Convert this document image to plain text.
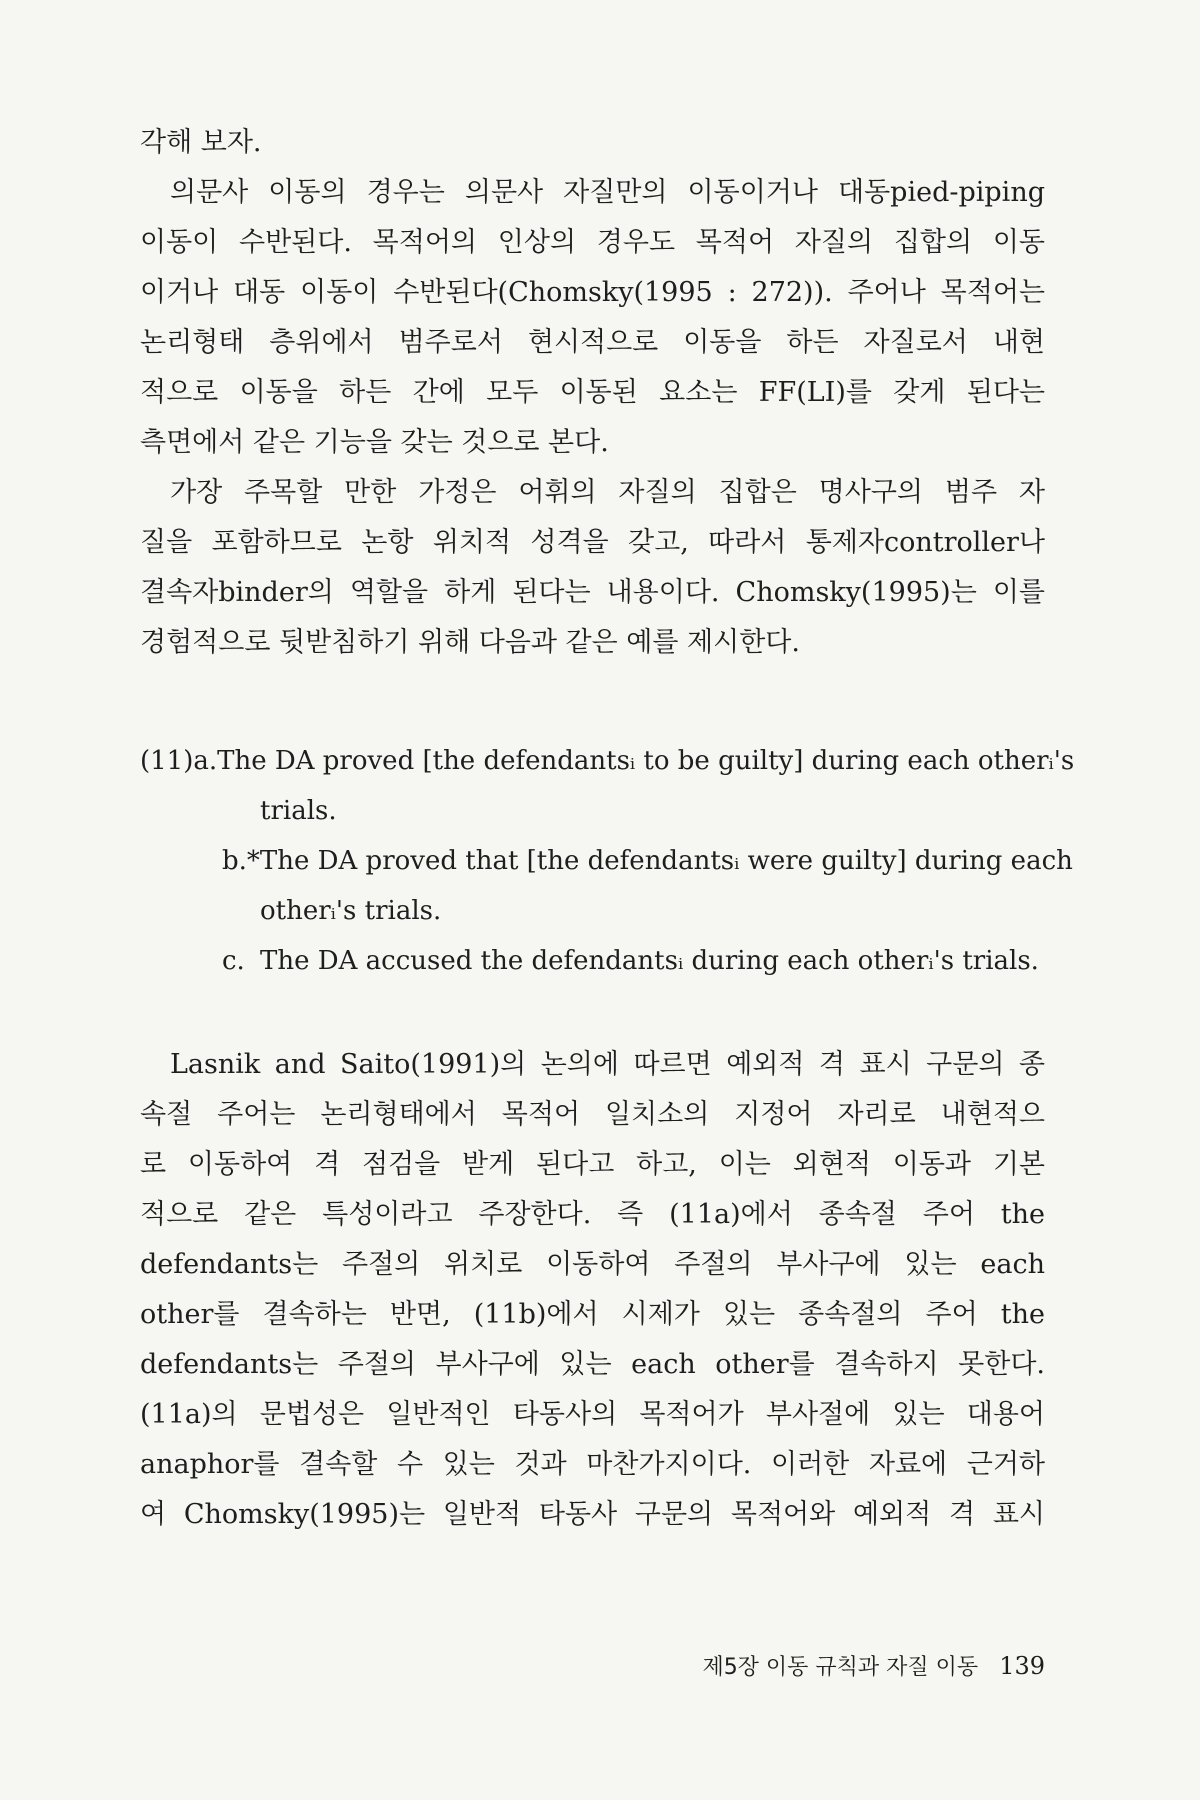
각해 보자.
의문사 이동의 경우는 의문사 자질만의 이동이거나 대동pied-piping
이동이 수반된다. 목적어의 인상의 경우도 목적어 자질의 집합의 이동
이거나 대동 이동이 수반된다(Chomsky(1995 : 272)). 주어나 목적어는
논리형태 층위에서 범주로서 현시적으로 이동을 하든 자질로서 내현
적으로 이동을 하든 간에 모두 이동된 요소는 FF(LI)를 갖게 된다는
측면에서 같은 기능을 갖는 것으로 본다.
가장 주목할 만한 가정은 어휘의 자질의 집합은 명사구의 범주 자
질을 포함하므로 논항 위치적 성격을 갖고, 따라서 통제자controller나
결속자binder의 역할을 하게 된다는 내용이다. Chomsky(1995)는 이를
경험적으로 뒷받침하기 위해 다음과 같은 예를 제시한다.
(11) a. The DA proved [the defendantsᵢ to be guilty] during each otherᵢ's
trials.
b. *The DA proved that [the defendantsᵢ were guilty] during each
otherᵢ's trials.
c. The DA accused the defendantsᵢ during each otherᵢ's trials.
Lasnik and Saito(1991)의 논의에 따르면 예외적 격 표시 구문의 종
속절 주어는 논리형태에서 목적어 일치소의 지정어 자리로 내현적으
로 이동하여 격 점검을 받게 된다고 하고, 이는 외현적 이동과 기본
적으로 같은 특성이라고 주장한다. 즉 (11a)에서 종속절 주어 the
defendants는 주절의 위치로 이동하여 주절의 부사구에 있는 each
other를 결속하는 반면, (11b)에서 시제가 있는 종속절의 주어 the
defendants는 주절의 부사구에 있는 each other를 결속하지 못한다.
(11a)의 문법성은 일반적인 타동사의 목적어가 부사절에 있는 대용어
anaphor를 결속할 수 있는 것과 마찬가지이다. 이러한 자료에 근거하
여 Chomsky(1995)는 일반적 타동사 구문의 목적어와 예외적 격 표시
제5장 이동 규칙과 자질 이동 139
